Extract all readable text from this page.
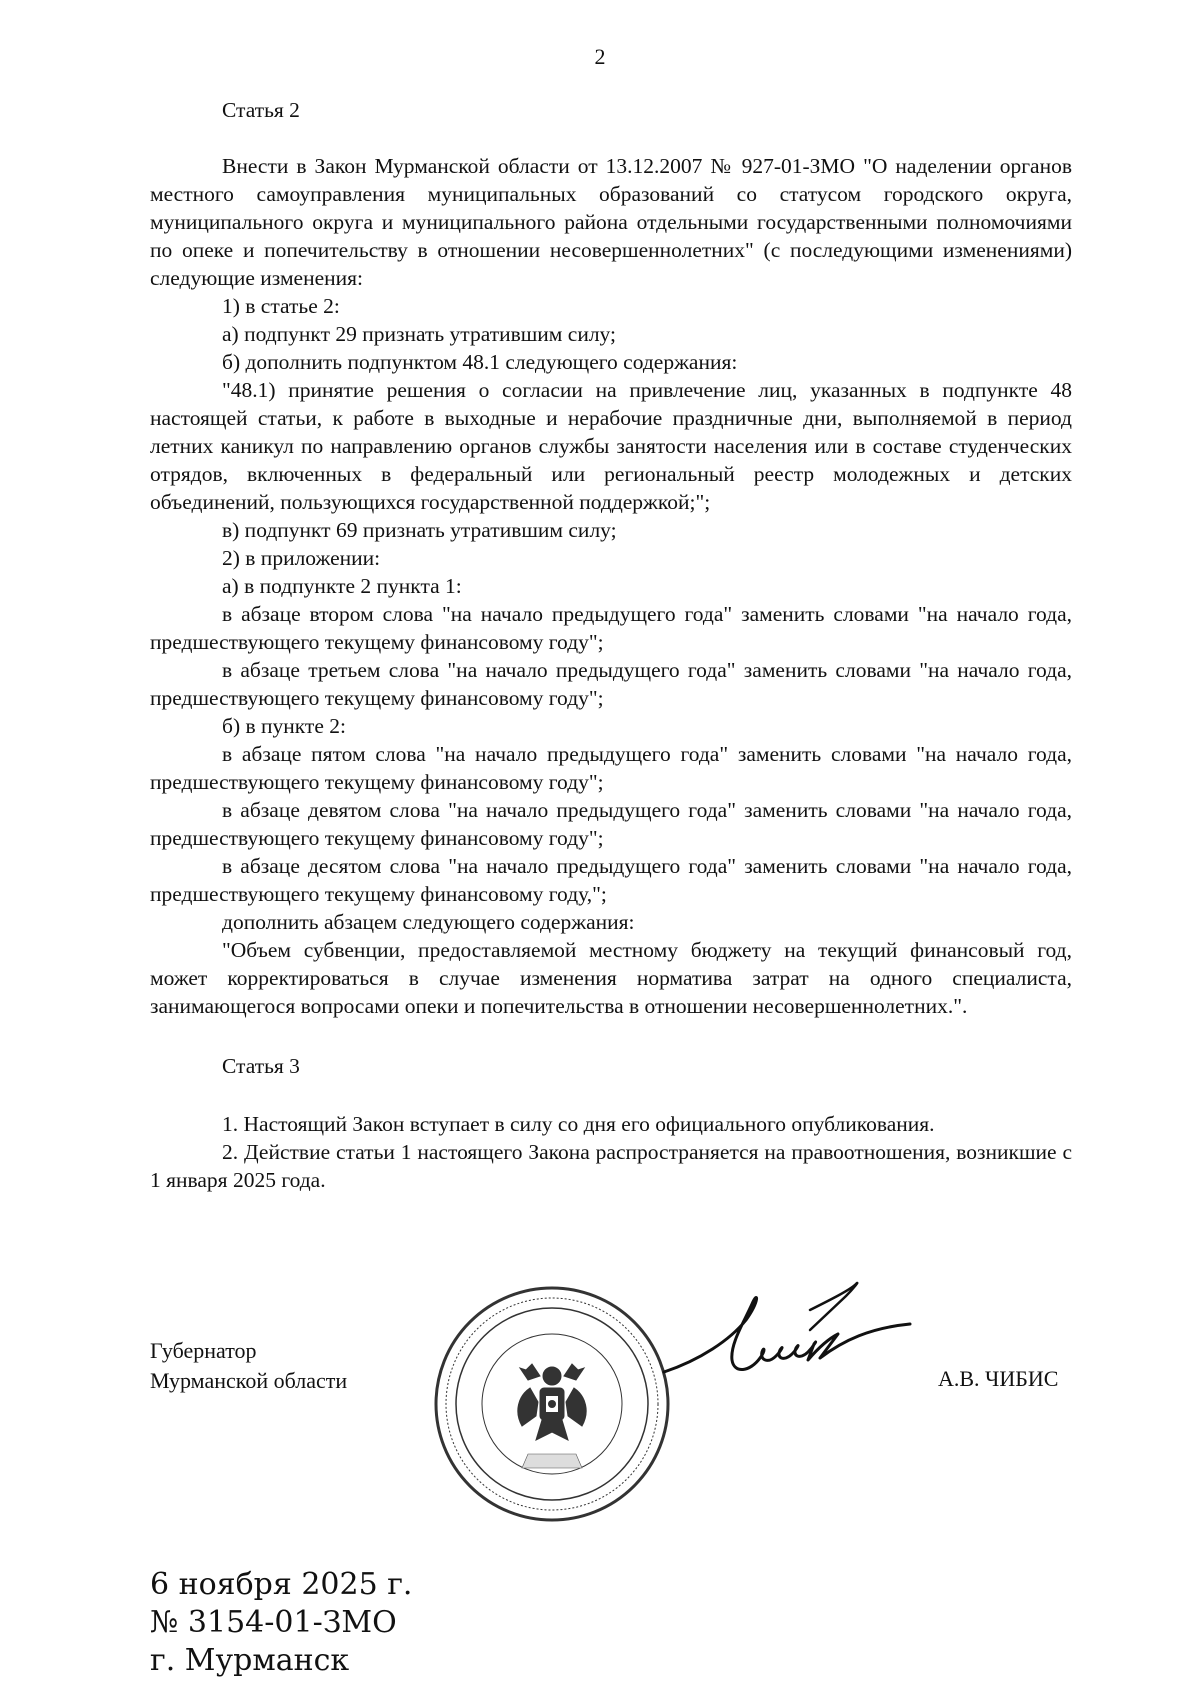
2

Статья 2

Внести в Закон Мурманской области от 13.12.2007 № 927-01-ЗМО "О наделении органов местного самоуправления муниципальных образований со статусом городского округа, муниципального округа и муниципального района отдельными государственными полномочиями по опеке и попечительству в отношении несовершеннолетних" (с последующими изменениями) следующие изменения:

1) в статье 2:

а) подпункт 29 признать утратившим силу;

б) дополнить подпунктом 48.1 следующего содержания:

"48.1) принятие решения о согласии на привлечение лиц, указанных в подпункте 48 настоящей статьи, к работе в выходные и нерабочие праздничные дни, выполняемой в период летних каникул по направлению органов службы занятости населения или в составе студенческих отрядов, включенных в федеральный или региональный реестр молодежных и детских объединений, пользующихся государственной поддержкой;";

в) подпункт 69 признать утратившим силу;

2) в приложении:

а) в подпункте 2 пункта 1:

в абзаце втором слова "на начало предыдущего года" заменить словами "на начало года, предшествующего текущему финансовому году";

в абзаце третьем слова "на начало предыдущего года" заменить словами "на начало года, предшествующего текущему финансовому году";

б) в пункте 2:

в абзаце пятом слова "на начало предыдущего года" заменить словами "на начало года, предшествующего текущему финансовому году";

в абзаце девятом слова "на начало предыдущего года" заменить словами "на начало года, предшествующего текущему финансовому году";

в абзаце десятом слова "на начало предыдущего года" заменить словами "на начало года, предшествующего текущему финансовому году,";

дополнить абзацем следующего содержания:

"Объем субвенции, предоставляемой местному бюджету на текущий финансовый год, может корректироваться в случае изменения норматива затрат на одного специалиста, занимающегося вопросами опеки и попечительства в отношении несовершеннолетних.".

Статья 3

1. Настоящий Закон вступает в силу со дня его официального опубликования.

2. Действие статьи 1 настоящего Закона распространяется на правоотношения, возникшие с 1 января 2025 года.

Губернатор
Мурманской области	А.В. ЧИБИС
6 ноября 2025 г.
№ 3154-01-ЗМО
г. Мурманск
